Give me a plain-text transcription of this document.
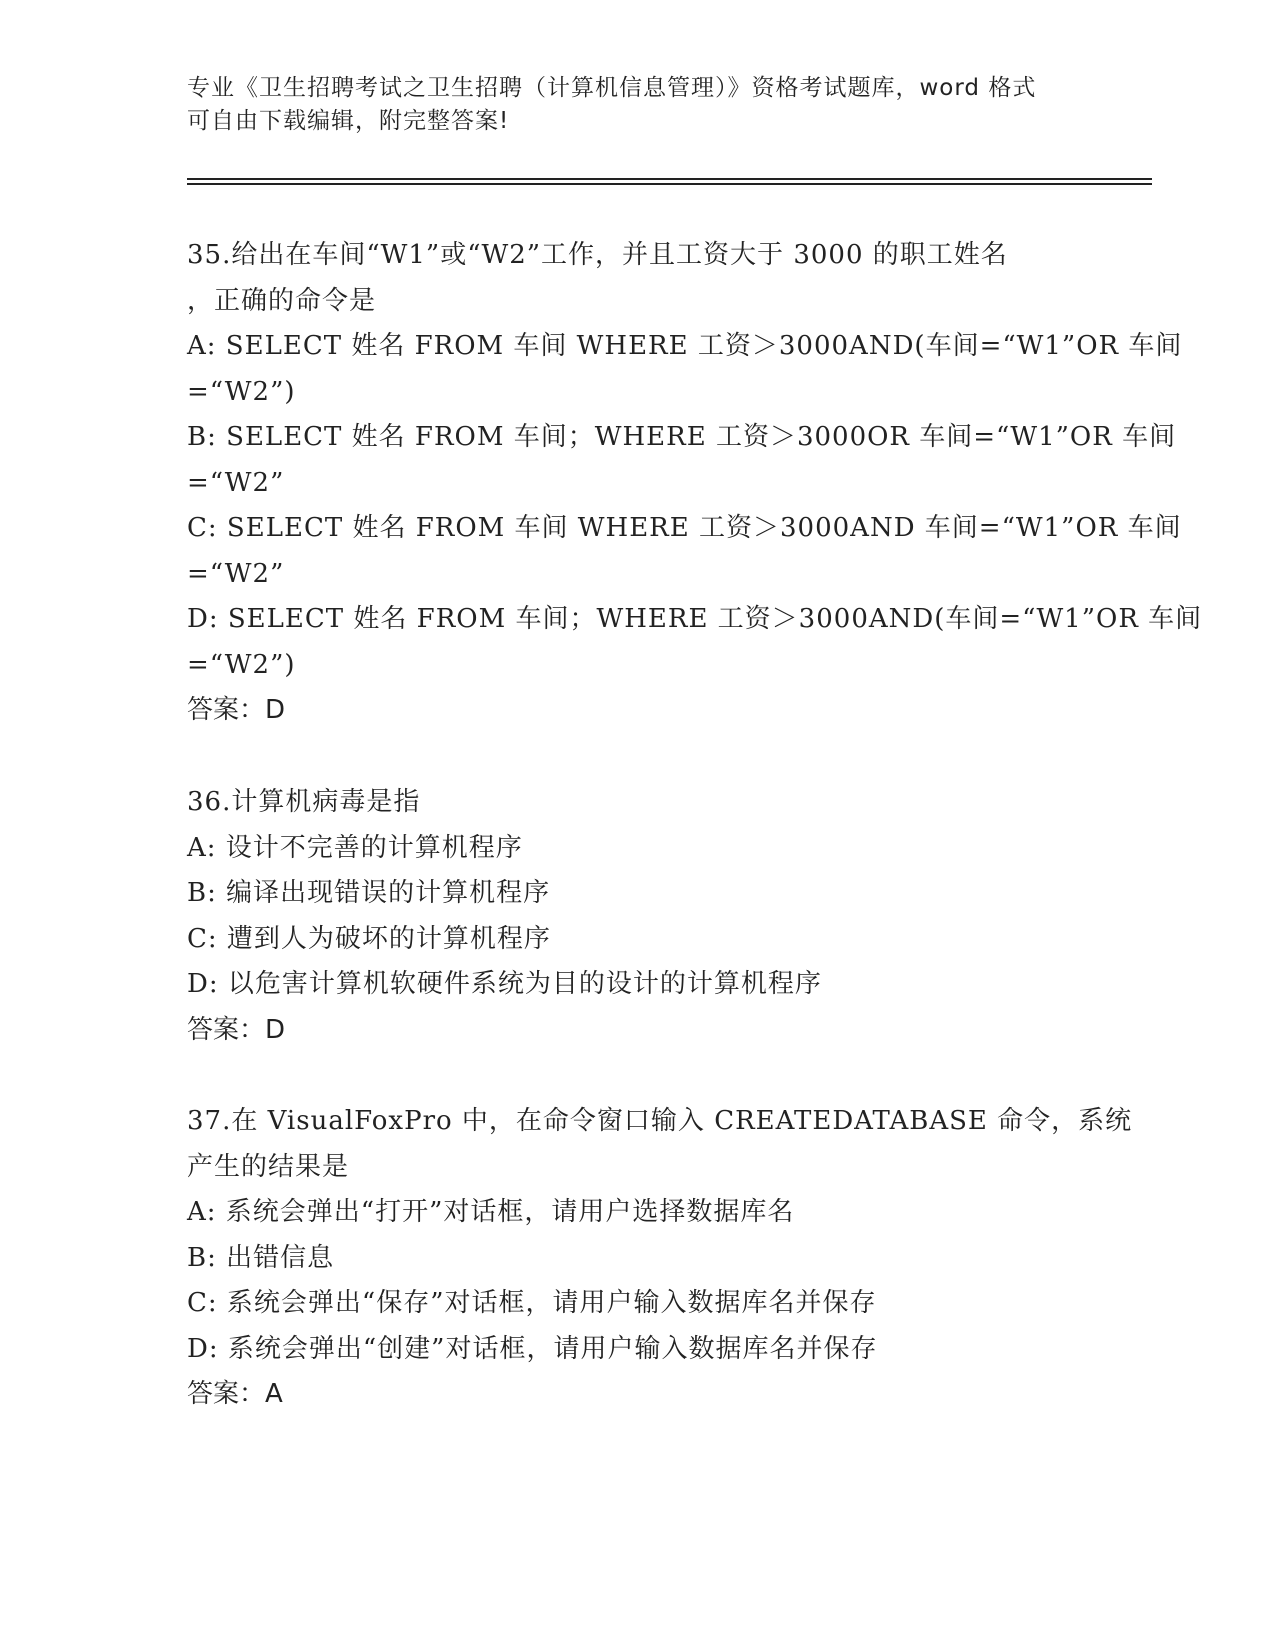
专业《卫生招聘考试之卫生招聘（计算机信息管理）》资格考试题库，word 格式
可自由下载编辑，附完整答案!
35.给出在车间“W1”或“W2”工作，并且工资大于 3000 的职工姓名
，正确的命令是
A: SELECT 姓名 FROM 车间 WHERE 工资＞3000AND(车间=“W1”OR 车间
=“W2”)
B: SELECT 姓名 FROM 车间；WHERE 工资＞3000OR 车间=“W1”OR 车间
=“W2”
C: SELECT 姓名 FROM 车间 WHERE 工资＞3000AND 车间=“W1”OR 车间
=“W2”
D: SELECT 姓名 FROM 车间；WHERE 工资＞3000AND(车间=“W1”OR 车间
=“W2”)
答案：D
36.计算机病毒是指
A: 设计不完善的计算机程序
B: 编译出现错误的计算机程序
C: 遭到人为破坏的计算机程序
D: 以危害计算机软硬件系统为目的设计的计算机程序
答案：D
37.在 VisualFoxPro 中，在命令窗口输入 CREATEDATABASE 命令，系统
产生的结果是
A: 系统会弹出“打开”对话框，请用户选择数据库名
B: 出错信息
C: 系统会弹出“保存”对话框，请用户输入数据库名并保存
D: 系统会弹出“创建”对话框，请用户输入数据库名并保存
答案：A
